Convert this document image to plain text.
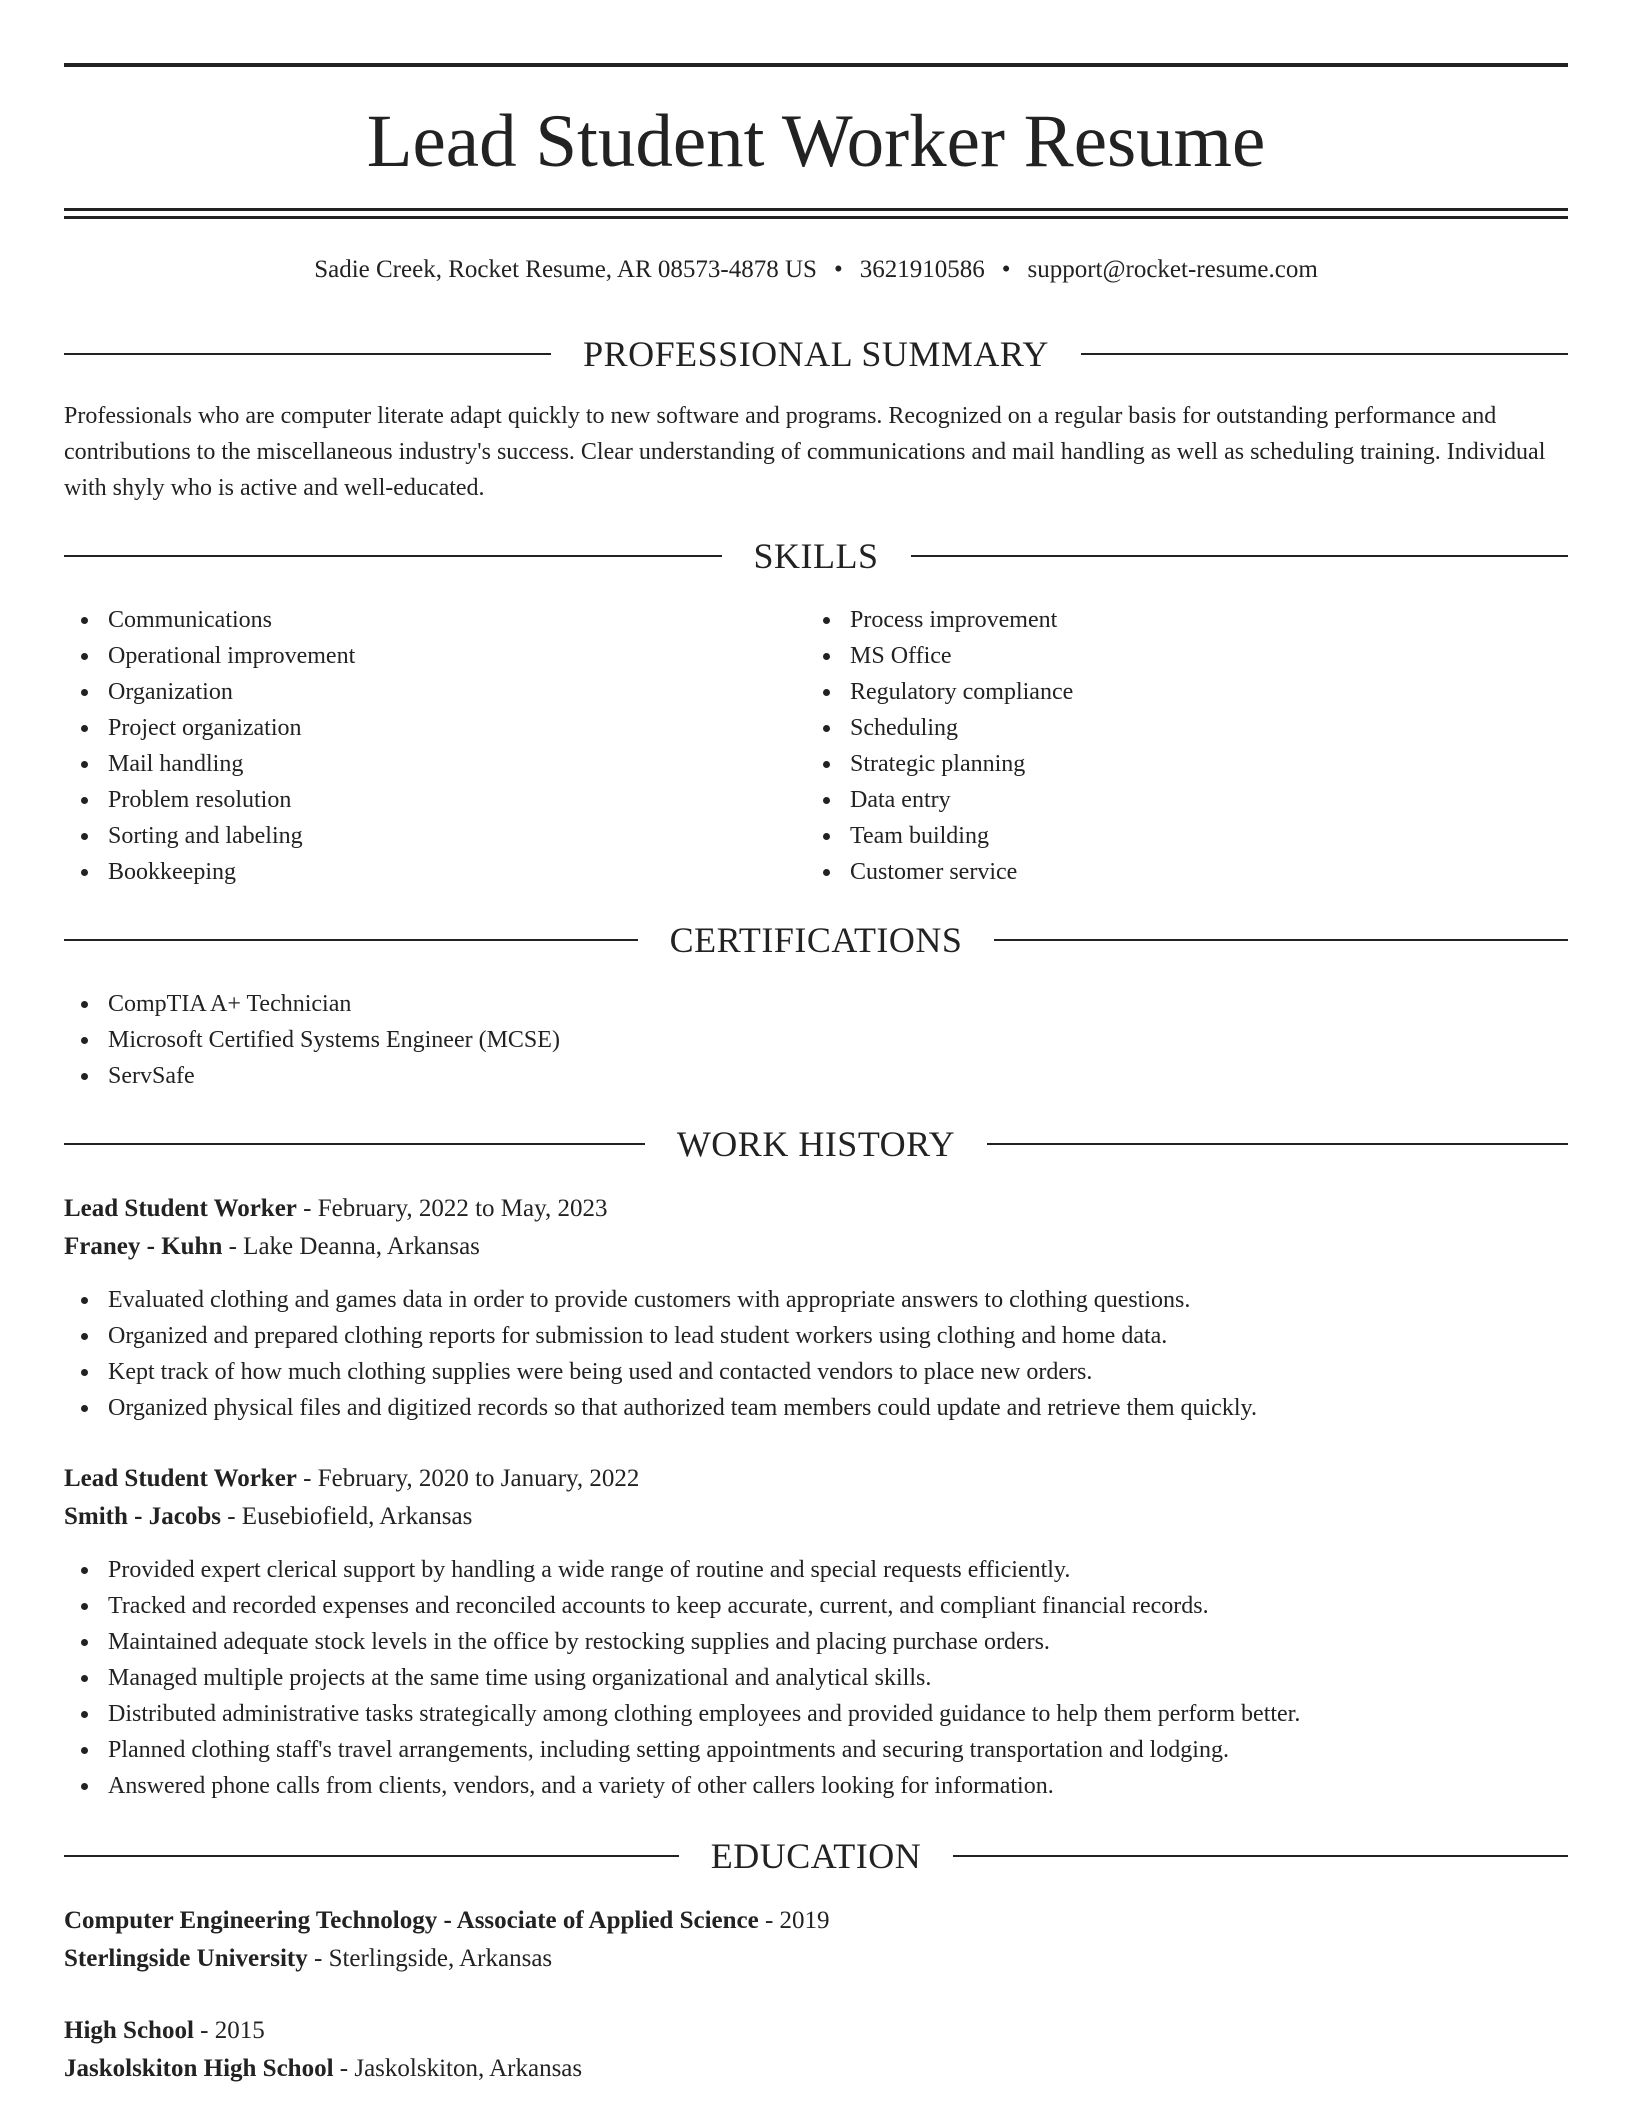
Lead Student Worker Resume
Sadie Creek, Rocket Resume, AR 08573-4878 US • 3621910586 • support@rocket-resume.com
PROFESSIONAL SUMMARY

Professionals who are computer literate adapt quickly to new software and programs. Recognized on a regular basis for outstanding performance and contributions to the miscellaneous industry's success. Clear understanding of communications and mail handling as well as scheduling training. Individual with shyly who is active and well-educated.

SKILLS
Communications
Operational improvement
Organization
Project organization
Mail handling
Problem resolution
Sorting and labeling
Bookkeeping
Process improvement
MS Office
Regulatory compliance
Scheduling
Strategic planning
Data entry
Team building
Customer service
CERTIFICATIONS
CompTIA A+ Technician
Microsoft Certified Systems Engineer (MCSE)
ServSafe
WORK HISTORY
Lead Student Worker - February, 2022 to May, 2023
Franey - Kuhn - Lake Deanna, Arkansas
Evaluated clothing and games data in order to provide customers with appropriate answers to clothing questions.
Organized and prepared clothing reports for submission to lead student workers using clothing and home data.
Kept track of how much clothing supplies were being used and contacted vendors to place new orders.
Organized physical files and digitized records so that authorized team members could update and retrieve them quickly.
Lead Student Worker - February, 2020 to January, 2022
Smith - Jacobs - Eusebiofield, Arkansas
Provided expert clerical support by handling a wide range of routine and special requests efficiently.
Tracked and recorded expenses and reconciled accounts to keep accurate, current, and compliant financial records.
Maintained adequate stock levels in the office by restocking supplies and placing purchase orders.
Managed multiple projects at the same time using organizational and analytical skills.
Distributed administrative tasks strategically among clothing employees and provided guidance to help them perform better.
Planned clothing staff's travel arrangements, including setting appointments and securing transportation and lodging.
Answered phone calls from clients, vendors, and a variety of other callers looking for information.
EDUCATION
Computer Engineering Technology - Associate of Applied Science - 2019
Sterlingside University - Sterlingside, Arkansas
High School - 2015
Jaskolskiton High School - Jaskolskiton, Arkansas
